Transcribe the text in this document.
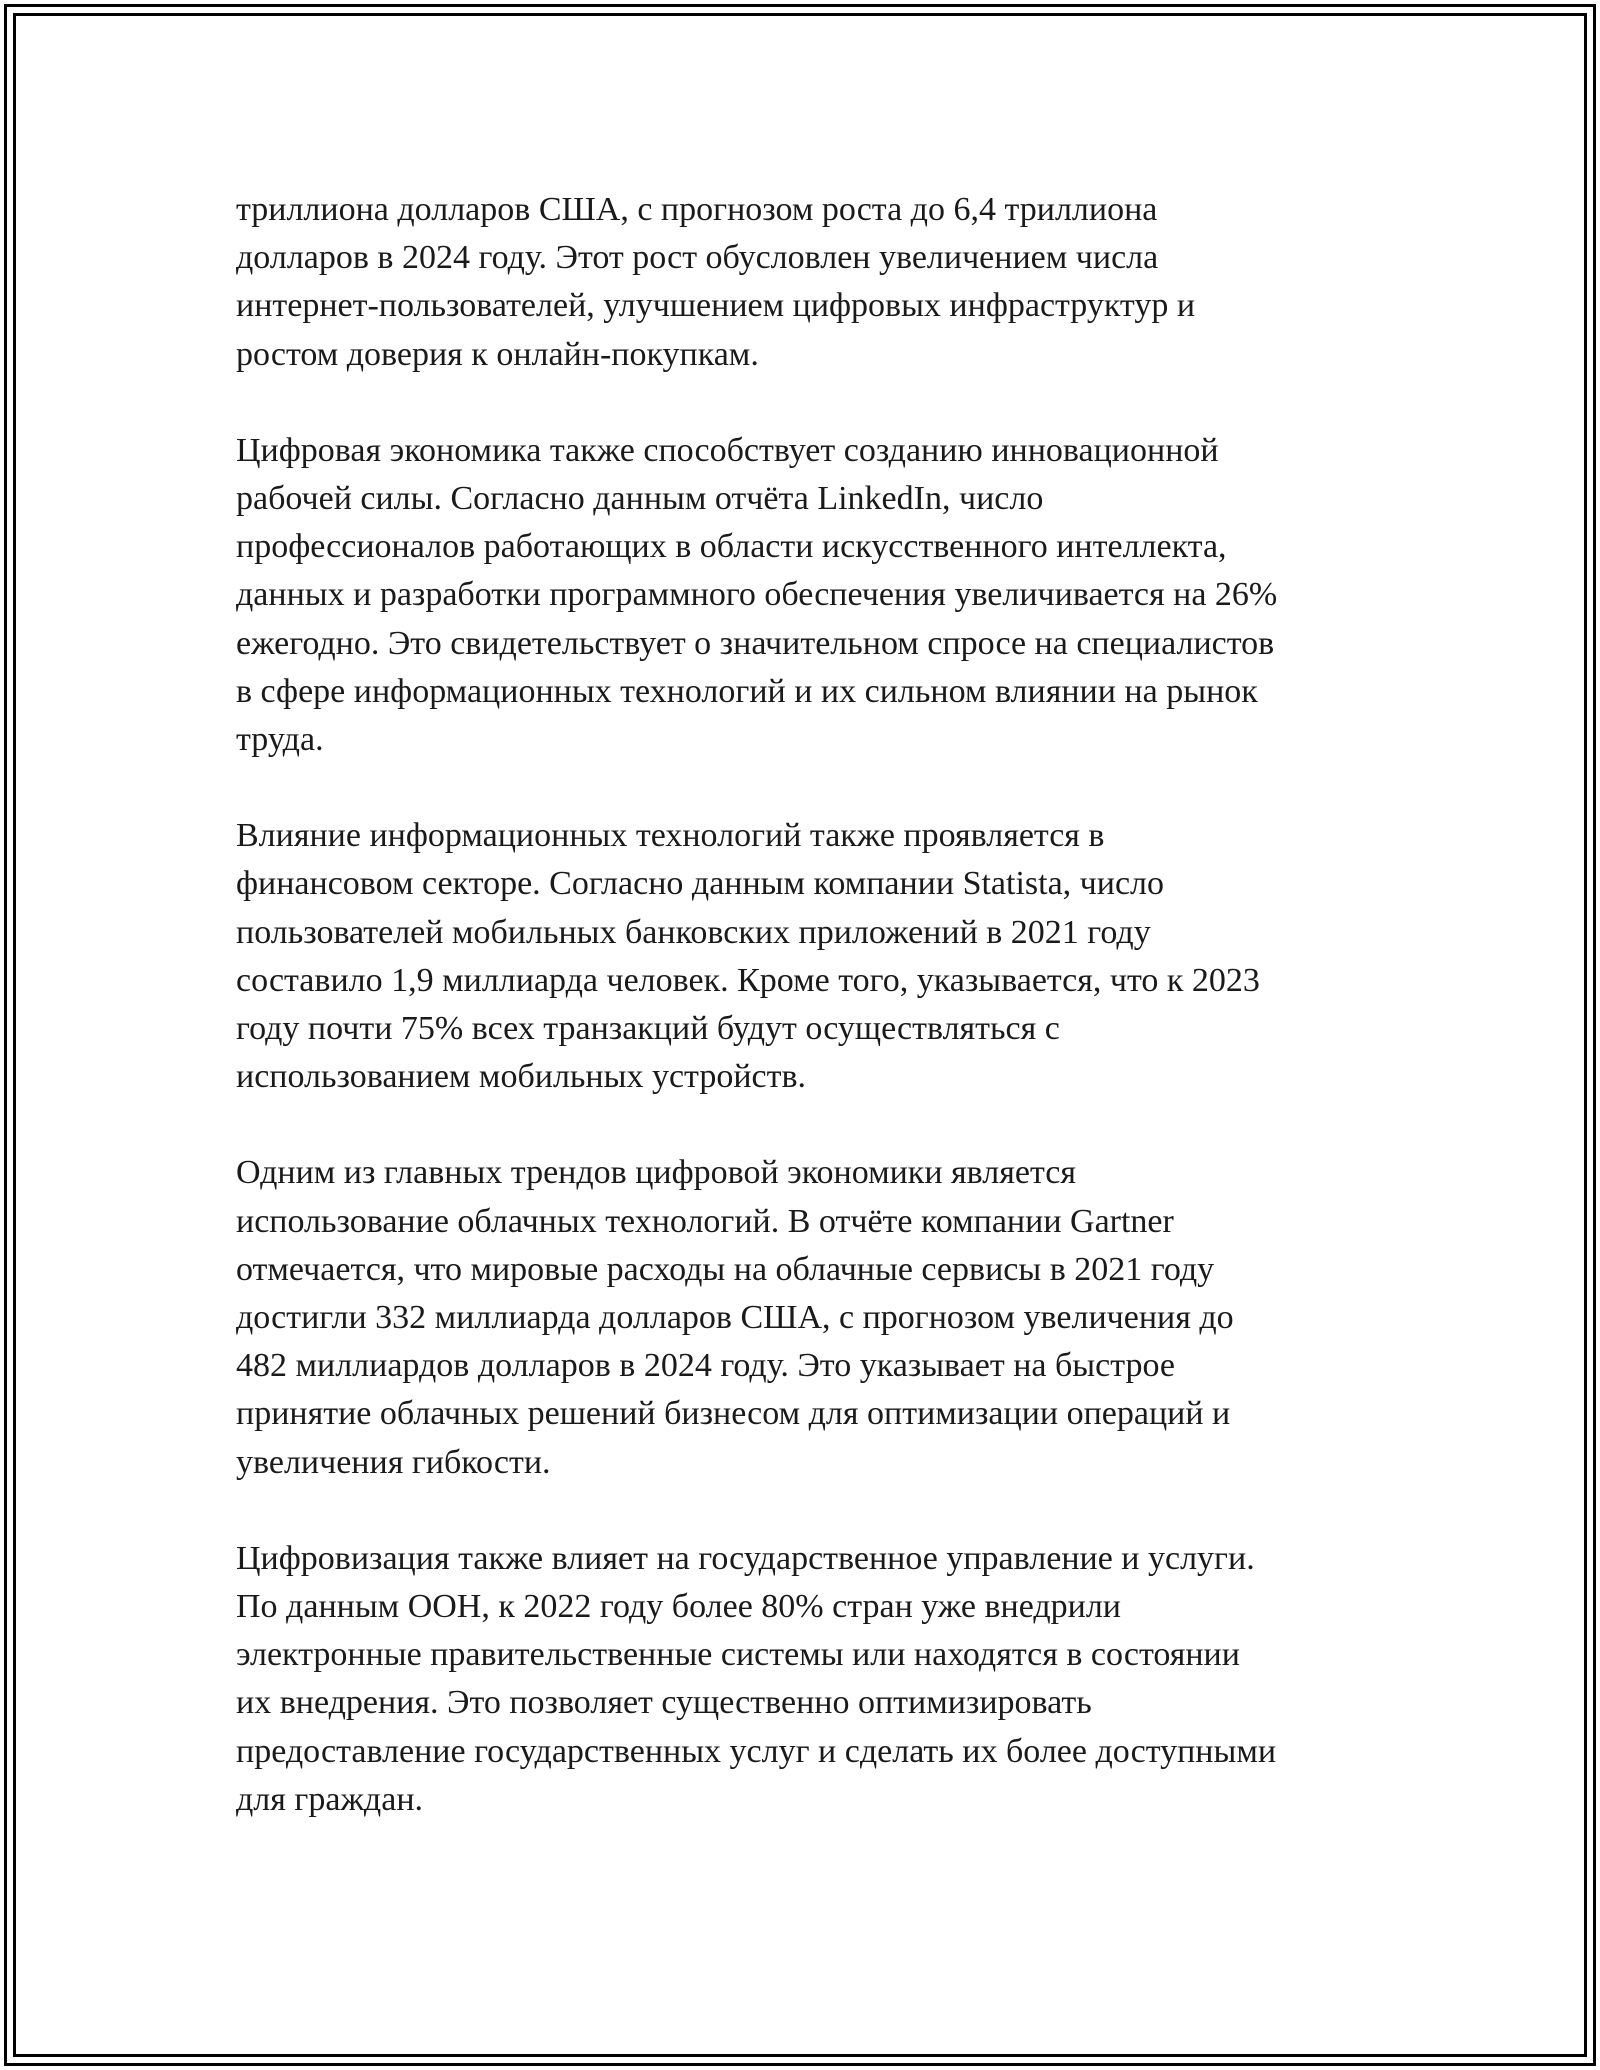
триллиона долларов США, с прогнозом роста до 6,4 триллиона
долларов в 2024 году. Этот рост обусловлен увеличением числа
интернет-пользователей, улучшением цифровых инфраструктур и
ростом доверия к онлайн-покупкам.

Цифровая экономика также способствует созданию инновационной
рабочей силы. Согласно данным отчёта LinkedIn, число
профессионалов работающих в области искусственного интеллекта,
данных и разработки программного обеспечения увеличивается на 26%
ежегодно. Это свидетельствует о значительном спросе на специалистов
в сфере информационных технологий и их сильном влиянии на рынок
труда.

Влияние информационных технологий также проявляется в
финансовом секторе. Согласно данным компании Statista, число
пользователей мобильных банковских приложений в 2021 году
составило 1,9 миллиарда человек. Кроме того, указывается, что к 2023
году почти 75% всех транзакций будут осуществляться с
использованием мобильных устройств.

Одним из главных трендов цифровой экономики является
использование облачных технологий. В отчёте компании Gartner
отмечается, что мировые расходы на облачные сервисы в 2021 году
достигли 332 миллиарда долларов США, с прогнозом увеличения до
482 миллиардов долларов в 2024 году. Это указывает на быстрое
принятие облачных решений бизнесом для оптимизации операций и
увеличения гибкости.

Цифровизация также влияет на государственное управление и услуги.
По данным ООН, к 2022 году более 80% стран уже внедрили
электронные правительственные системы или находятся в состоянии
их внедрения. Это позволяет существенно оптимизировать
предоставление государственных услуг и сделать их более доступными
для граждан.
